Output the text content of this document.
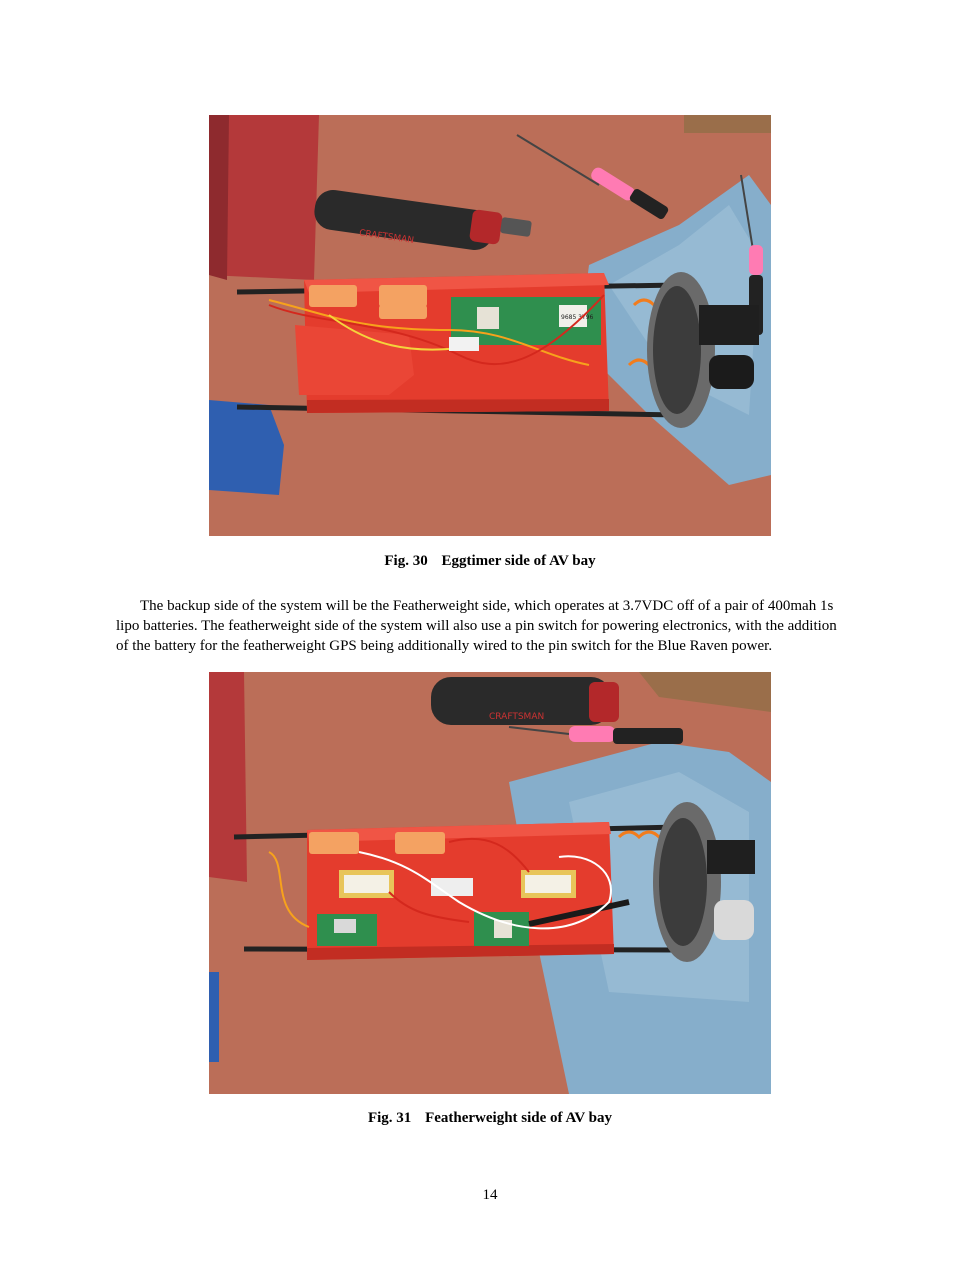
CRAFTSMAN
9685 3Y96
Fig. 30 Eggtimer side of AV bay
The backup side of the system will be the Featherweight side, which operates at 3.7VDC off of a pair of 400mah 1s
lipo batteries. The featherweight side of the system will also use a pin switch for powering electronics, with the addition
of the battery for the featherweight GPS being additionally wired to the pin switch for the Blue Raven power.
CRAFTSMAN
Fig. 31 Featherweight side of AV bay
14
